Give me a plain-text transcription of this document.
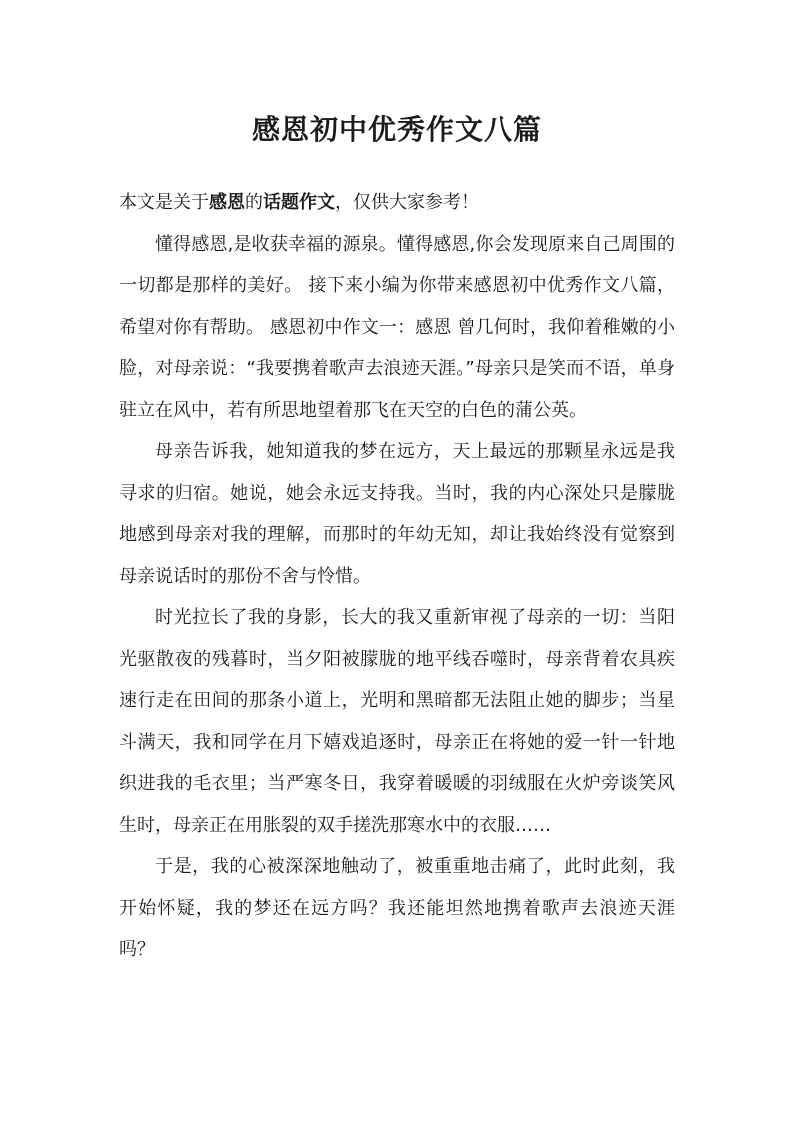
感恩初中优秀作文八篇

本文是关于感恩的话题作文，仅供大家参考！

懂得感恩,是收获幸福的源泉。懂得感恩,你会发现原来自己周围的一切都是那样的美好。 接下来小编为你带来感恩初中优秀作文八篇，希望对你有帮助。 感恩初中作文一：感恩 曾几何时，我仰着稚嫩的小脸，对母亲说：“我要携着歌声去浪迹天涯。”母亲只是笑而不语，单身驻立在风中，若有所思地望着那飞在天空的白色的蒲公英。

母亲告诉我，她知道我的梦在远方，天上最远的那颗星永远是我寻求的归宿。她说，她会永远支持我。当时，我的内心深处只是朦胧地感到母亲对我的理解，而那时的年幼无知，却让我始终没有觉察到母亲说话时的那份不舍与怜惜。

时光拉长了我的身影，长大的我又重新审视了母亲的一切：当阳光驱散夜的残暮时，当夕阳被朦胧的地平线吞噬时，母亲背着农具疾速行走在田间的那条小道上，光明和黑暗都无法阻止她的脚步；当星斗满天，我和同学在月下嬉戏追逐时，母亲正在将她的爱一针一针地织进我的毛衣里；当严寒冬日，我穿着暖暖的羽绒服在火炉旁谈笑风生时，母亲正在用胀裂的双手搓洗那寒水中的衣服……

于是，我的心被深深地触动了，被重重地击痛了，此时此刻，我开始怀疑，我的梦还在远方吗？我还能坦然地携着歌声去浪迹天涯吗？
